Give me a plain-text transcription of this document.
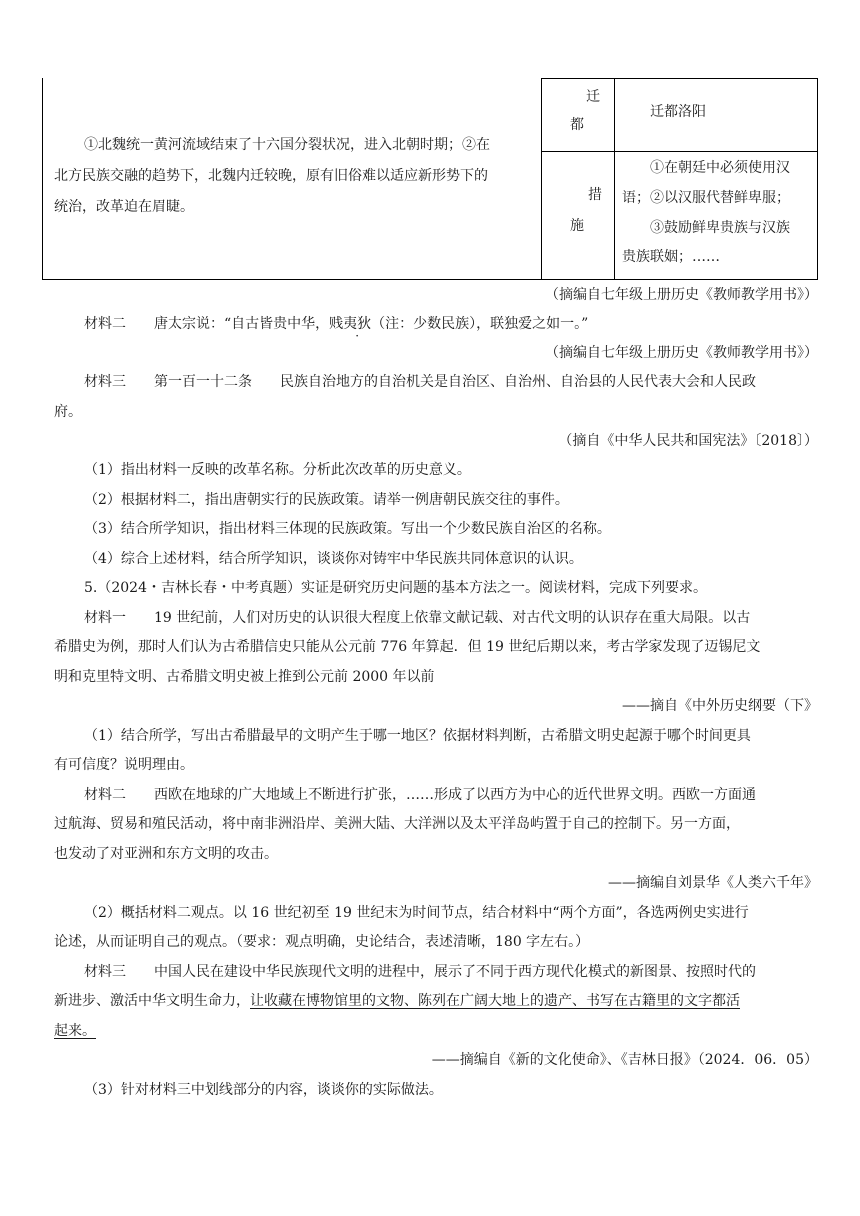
①北魏统一黄河流域结束了十六国分裂状况，进入北朝时期；②在
北方民族交融的趋势下，北魏内迁较晚，原有旧俗难以适应新形势下的
统治，改革迫在眉睫。
迁
都
迁都洛阳
措
施
①在朝廷中必须使用汉
语；②以汉服代替鲜卑服；
③鼓励鲜卑贵族与汉族
贵族联姻；……
（摘编自七年级上册历史《教师教学用书》）
材料二 唐太宗说：“自古皆贵中华，贱夷狄（注：少数民族），联独爱之如一。”
（摘编自七年级上册历史《教师教学用书》）
材料三 第一百一十二条　　民族自治地方的自治机关是自治区、自治州、自治县的人民代表大会和人民政
府。
（摘自《中华人民共和国宪法》〔2018〕）
（1）指出材料一反映的改革名称。分析此次改革的历史意义。
（2）根据材料二，指出唐朝实行的民族政策。请举一例唐朝民族交往的事件。
（3）结合所学知识，指出材料三体现的民族政策。写出一个少数民族自治区的名称。
（4）综合上述材料，结合所学知识，谈谈你对铸牢中华民族共同体意识的认识。
5.（2024・吉林长春・中考真题）实证是研究历史问题的基本方法之一。阅读材料，完成下列要求。
材料一　　19 世纪前，人们对历史的认识很大程度上依靠文献记载、对古代文明的认识存在重大局限。以古
希腊史为例，那时人们认为古希腊信史只能从公元前 776 年算起．但 19 世纪后期以来，考古学家发现了迈锡尼文
明和克里特文明、古希腊文明史被上推到公元前 2000 年以前
——摘自《中外历史纲要（下》
（1）结合所学，写出古希腊最早的文明产生于哪一地区？依据材料判断，古希腊文明史起源于哪个时间更具
有可信度？说明理由。
材料二　　西欧在地球的广大地域上不断进行扩张，……形成了以西方为中心的近代世界文明。西欧一方面通
过航海、贸易和殖民活动，将中南非洲沿岸、美洲大陆、大洋洲以及太平洋岛屿置于自己的控制下。另一方面，
也发动了对亚洲和东方文明的攻击。
——摘编自刘景华《人类六千年》
（2）概括材料二观点。以 16 世纪初至 19 世纪末为时间节点，结合材料中“两个方面”，各选两例史实进行
论述，从而证明自己的观点。（要求：观点明确，史论结合，表述清晰，180 字左右。）
材料三　　中国人民在建设中华民族现代文明的进程中，展示了不同于西方现代化模式的新图景、按照时代的
新进步、激活中华文明生命力，让收藏在博物馆里的文物、陈列在广阔大地上的遗产、书写在古籍里的文字都活
起来。
——摘编自《新的文化使命》、《吉林日报》（2024．06．05）
（3）针对材料三中划线部分的内容，谈谈你的实际做法。
